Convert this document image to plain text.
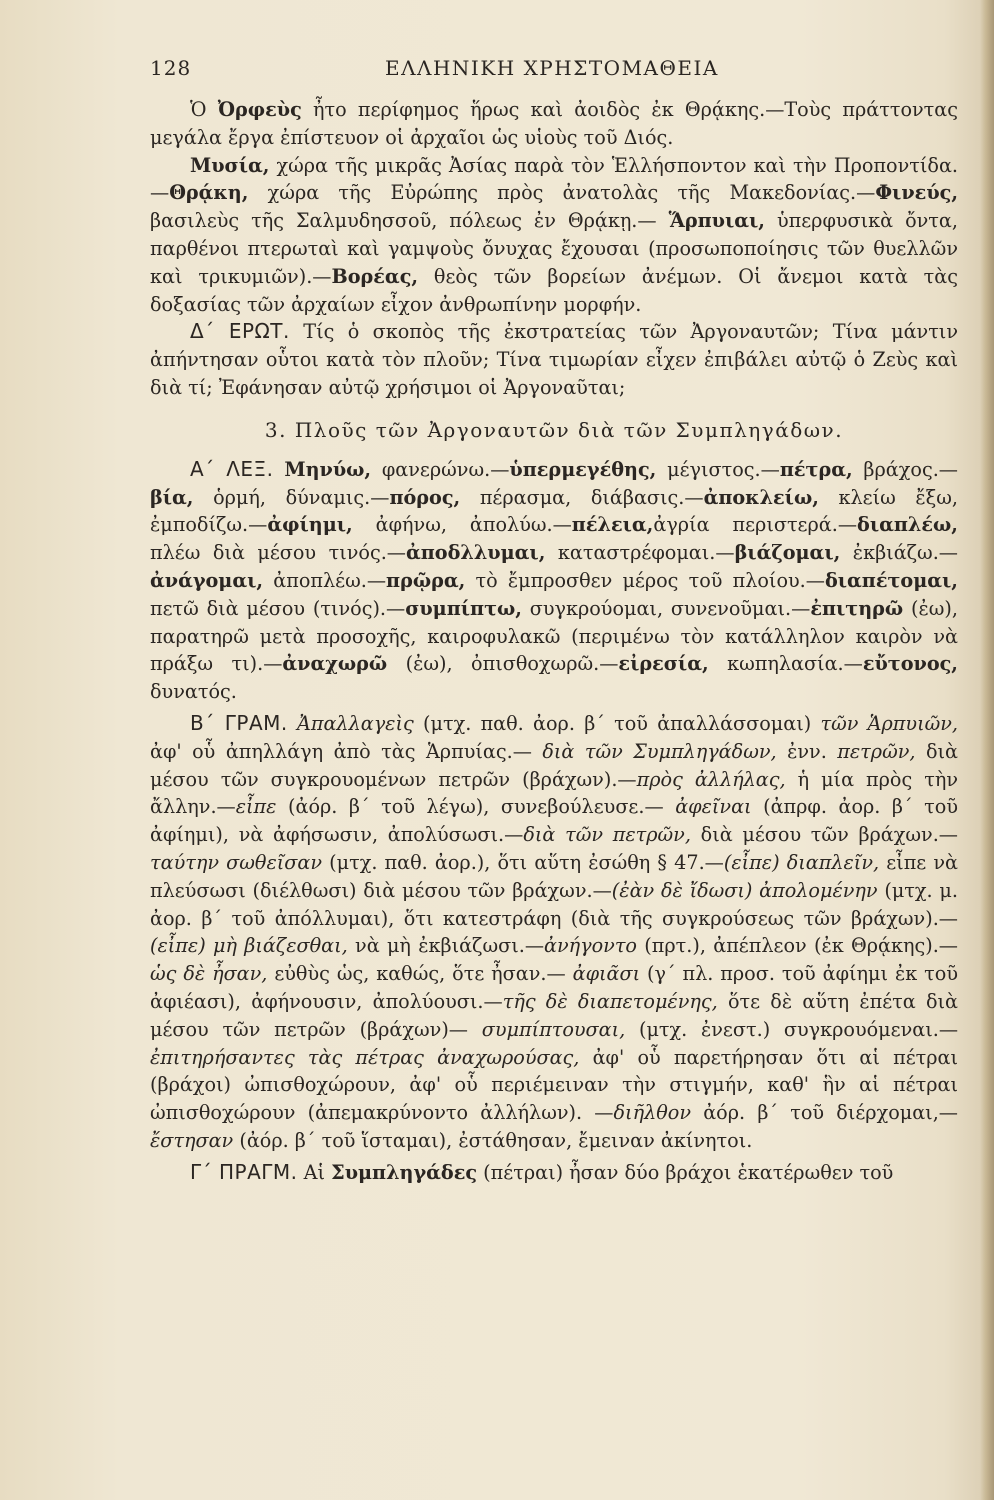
128	ΕΛΛΗΝΙΚΗ ΧΡΗΣΤΟΜΑΘΕΙΑ

Ὁ Ὀρφεὺς ἦτο περίφημος ἥρως καὶ ἀοιδὸς ἐκ Θρᾴκης.—Τοὺς πράττοντας μεγάλα ἔργα ἐπίστευον οἱ ἀρχαῖοι ὡς υἱοὺς τοῦ Διός.

Μυσία, χώρα τῆς μικρᾶς Ἀσίας παρὰ τὸν Ἑλλήσποντον καὶ τὴν Προποντίδα.—Θρᾴκη, χώρα τῆς Εὐρώπης πρὸς ἀνατολὰς τῆς Μακεδονίας.—Φινεύς, βασιλεὺς τῆς Σαλμυδησσοῦ, πόλεως ἐν Θρᾴκῃ.— Ἅρπυιαι, ὑπερφυσικὰ ὄντα, παρθένοι πτερωταὶ καὶ γαμψοὺς ὄνυχας ἔχουσαι (προσωποποίησις τῶν θυελλῶν καὶ τρικυμιῶν).—Βορέας, θεὸς τῶν βορείων ἀνέμων. Οἱ ἄνεμοι κατὰ τὰς δοξασίας τῶν ἀρχαίων εἶχον ἀνθρωπίνην μορφήν.

Δ΄ ΕΡΩΤ. Τίς ὁ σκοπὸς τῆς ἐκστρατείας τῶν Ἀργοναυτῶν; Τίνα μάντιν ἀπήντησαν οὗτοι κατὰ τὸν πλοῦν; Τίνα τιμωρίαν εἶχεν ἐπιβάλει αὐτῷ ὁ Ζεὺς καὶ διὰ τί; Ἐφάνησαν αὐτῷ χρήσιμοι οἱ Ἀργοναῦται;

3. Πλοῦς τῶν Ἀργοναυτῶν διὰ τῶν Συμπληγάδων.

Α΄ ΛΕΞ. Μηνύω, φανερώνω.—ὑπερμεγέθης, μέγιστος.—πέτρα, βράχος.—βία, ὁρμή, δύναμις.—πόρος, πέρασμα, διάβασις.—ἀποκλείω, κλείω ἔξω, ἐμποδίζω.—ἀφίημι, ἀφήνω, ἀπολύω.—πέλεια,ἀγρία περιστερά.—διαπλέω, πλέω διὰ μέσου τινός.—ἀποδλλυμαι, καταστρέφομαι.—βιάζομαι, ἐκβιάζω.—ἀνάγομαι, ἀποπλέω.—πρῷρα, τὸ ἔμπροσθεν μέρος τοῦ πλοίου.—διαπέτομαι, πετῶ διὰ μέσου (τινός).—συμπίπτω, συγκρούομαι, συνενοῦμαι.—ἐπιτηρῶ (ἐω), παρατηρῶ μετὰ προσοχῆς, καιροφυλακῶ (περιμένω τὸν κατάλληλον καιρὸν νὰ πράξω τι).—ἀναχωρῶ (ἐω), ὀπισθοχωρῶ.—εἰρεσία, κωπηλασία.—εὔτονος, δυνατός.

Β΄ ΓΡΑΜ. Ἀπαλλαγεὶς (μτχ. παθ. ἀορ. β΄ τοῦ ἀπαλλάσσομαι) τῶν Ἁρπυιῶν, ἀφ' οὗ ἀπηλλάγη ἀπὸ τὰς Ἁρπυίας.— διὰ τῶν Συμπληγάδων, ἐνν. πετρῶν, διὰ μέσου τῶν συγκρουομένων πετρῶν (βράχων).—πρὸς ἀλλήλας, ἡ μία πρὸς τὴν ἄλλην.—εἶπε (ἀόρ. β΄ τοῦ λέγω), συνεβούλευσε.— ἀφεῖναι (ἀπρφ. ἀορ. β΄ τοῦ ἀφίημι), νὰ ἀφήσωσιν, ἀπολύσωσι.—διὰ τῶν πετρῶν, διὰ μέσου τῶν βράχων.—ταύτην σωθεῖσαν (μτχ. παθ. ἀορ.), ὅτι αὕτη ἐσώθη § 47.—(εἶπε) διαπλεῖν, εἶπε νὰ πλεύσωσι (διέλθωσι) διὰ μέσου τῶν βράχων.—(ἐὰν δὲ ἴδωσι) ἀπολομένην (μτχ. μ. ἀορ. β΄ τοῦ ἀπόλλυμαι), ὅτι κατεστράφη (διὰ τῆς συγκρούσεως τῶν βράχων).—(εἶπε) μὴ βιάζεσθαι, νὰ μὴ ἐκβιάζωσι.—ἀνήγοντο (πρτ.), ἀπέπλεον (ἐκ Θρᾴκης).—ὡς δὲ ἦσαν, εὐθὺς ὡς, καθώς, ὅτε ἦσαν.— ἀφιᾶσι (γ΄ πλ. προσ. τοῦ ἀφίημι ἐκ τοῦ ἀφιέασι), ἀφήνουσιν, ἀπολύουσι.—τῆς δὲ διαπετομένης, ὅτε δὲ αὕτη ἐπέτα διὰ μέσου τῶν πετρῶν (βράχων)— συμπίπτουσαι, (μτχ. ἐνεστ.) συγκρουόμεναι.—ἐπιτηρήσαντες τὰς πέτρας ἀναχωρούσας, ἀφ' οὗ παρετήρησαν ὅτι αἱ πέτραι (βράχοι) ὠπισθοχώρουν, ἀφ' οὗ περιέμειναν τὴν στιγμήν, καθ' ἣν αἱ πέτραι ὠπισθοχώρουν (ἀπεμακρύνοντο ἀλλήλων). —διῆλθον ἀόρ. β΄ τοῦ διέρχομαι,—ἔστησαν (ἀόρ. β΄ τοῦ ἵσταμαι), ἐστάθησαν, ἔμειναν ἀκίνητοι.

Γ΄ ΠΡΑΓΜ. Αἱ Συμπληγάδες (πέτραι) ἦσαν δύο βράχοι ἑκατέρωθεν τοῦ
